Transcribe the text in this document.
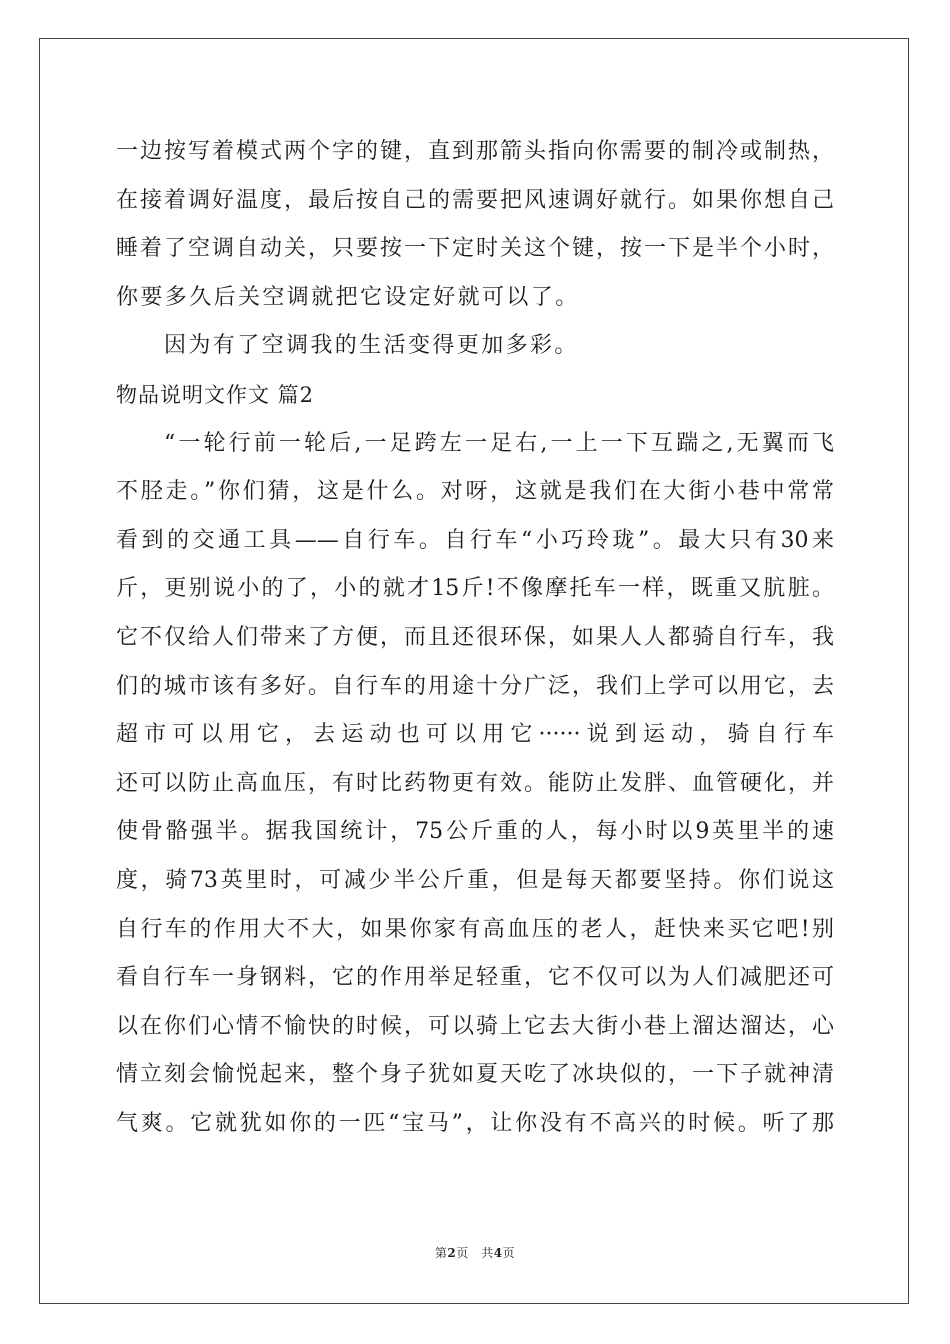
一边按写着模式两个字的键，直到那箭头指向你需要的制冷或制热，
在接着调好温度，最后按自己的需要把风速调好就行。如果你想自己
睡着了空调自动关，只要按一下定时关这个键，按一下是半个小时，
你要多久后关空调就把它设定好就可以了。
因为有了空调我的生活变得更加多彩。
物品说明文作文 篇2
“一轮行前一轮后,一足跨左一足右,一上一下互踹之,无翼而飞
不胫走。”你们猜，这是什么。对呀，这就是我们在大街小巷中常常
看到的交通工具——自行车。自行车“小巧玲珑”。最大只有30来
斤，更别说小的了，小的就才15斤!不像摩托车一样，既重又肮脏。
它不仅给人们带来了方便，而且还很环保，如果人人都骑自行车，我
们的城市该有多好。自行车的用途十分广泛，我们上学可以用它，去
超市可以用它，去运动也可以用它······说到运动，骑自行车
还可以防止高血压，有时比药物更有效。能防止发胖、血管硬化，并
使骨骼强半。据我国统计，75公斤重的人，每小时以9英里半的速
度，骑73英里时，可减少半公斤重，但是每天都要坚持。你们说这
自行车的作用大不大，如果你家有高血压的老人，赶快来买它吧!别
看自行车一身钢料，它的作用举足轻重，它不仅可以为人们减肥还可
以在你们心情不愉快的时候，可以骑上它去大街小巷上溜达溜达，心
情立刻会愉悦起来，整个身子犹如夏天吃了冰块似的，一下子就神清
气爽。它就犹如你的一匹“宝马”，让你没有不高兴的时候。听了那
第2页　共4页
